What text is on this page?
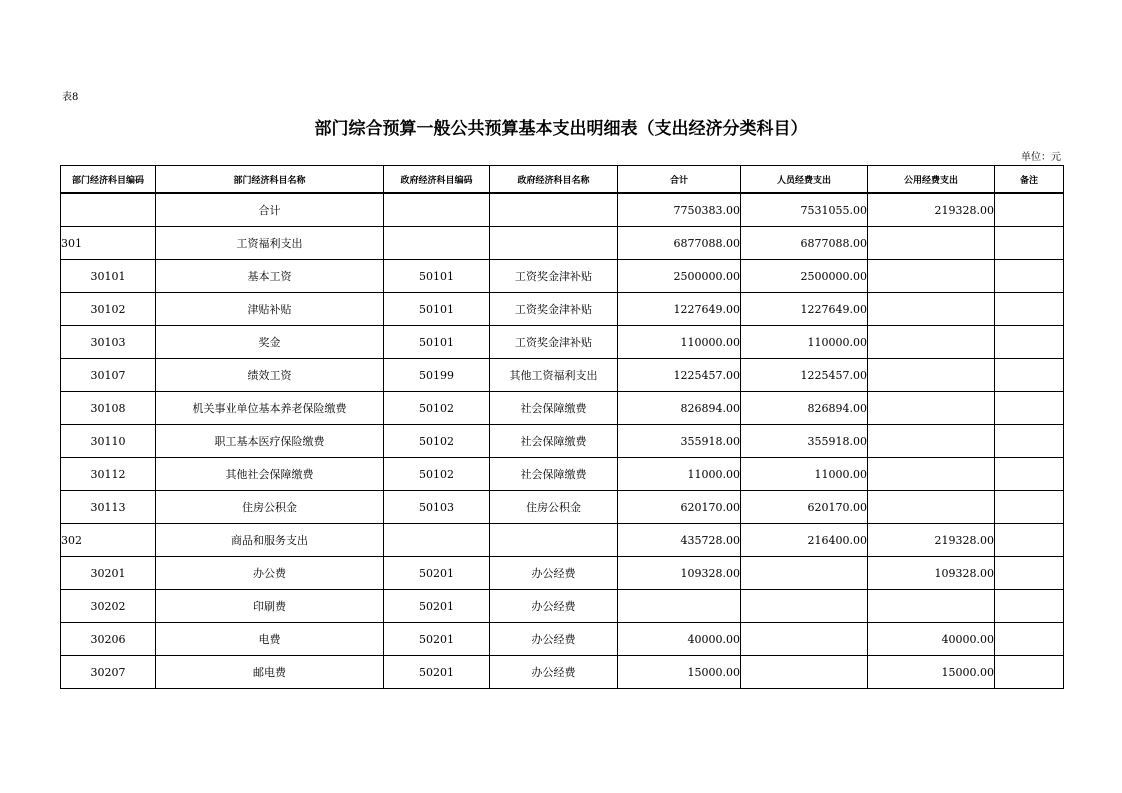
表8
部门综合预算一般公共预算基本支出明细表（支出经济分类科目）
单位：元
部门经济科目编码	部门经济科目名称	政府经济科目编码	政府经济科目名称	合计	人员经费支出	公用经费支出	备注
	合计			7750383.00	7531055.00	219328.00	
301	工资福利支出			6877088.00	6877088.00		
30101	基本工资	50101	工资奖金津补贴	2500000.00	2500000.00		
30102	津贴补贴	50101	工资奖金津补贴	1227649.00	1227649.00		
30103	奖金	50101	工资奖金津补贴	110000.00	110000.00		
30107	绩效工资	50199	其他工资福利支出	1225457.00	1225457.00		
30108	机关事业单位基本养老保险缴费	50102	社会保障缴费	826894.00	826894.00		
30110	职工基本医疗保险缴费	50102	社会保障缴费	355918.00	355918.00		
30112	其他社会保障缴费	50102	社会保障缴费	11000.00	11000.00		
30113	住房公积金	50103	住房公积金	620170.00	620170.00		
302	商品和服务支出			435728.00	216400.00	219328.00	
30201	办公费	50201	办公经费	109328.00		109328.00	
30202	印刷费	50201	办公经费				
30206	电费	50201	办公经费	40000.00		40000.00	
30207	邮电费	50201	办公经费	15000.00		15000.00	
